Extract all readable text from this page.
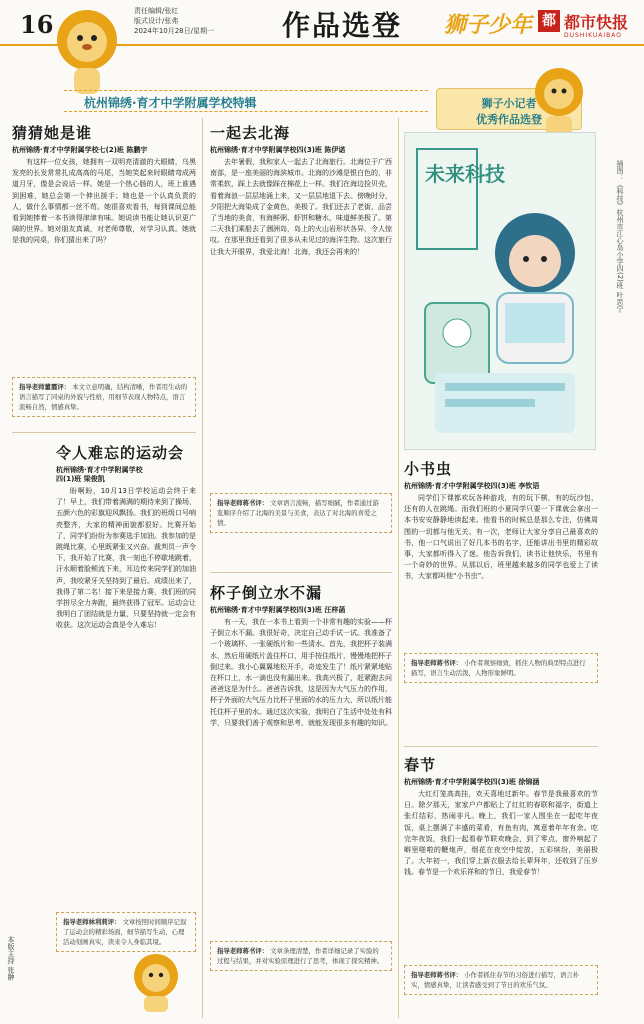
16	责任编辑/张红
版式设计/张弗
2024年10月28日/星期一 作品选登 狮子少年 都 都市快报
DUSHIKUAIBAO
杭州锦绣·育才中学附属学校特辑	狮子小记者
优秀作品选登
猜猜她是谁
杭州锦绣·育才中学附属学校七(2)班 陈鹏宇
有这样一位女孩，她拥有一双明亮清澈的大眼睛，乌黑发亮的长发常常扎成高高的马尾，当她笑起来时眼睛弯成两道月牙，像是会说话一样。她是一个热心肠的人，班上谁遇到困难，她总会第一个伸出援手；她也是一个认真负责的人，做什么事情都一丝不苟。她很喜欢看书，每到课间总能看到她捧着一本书读得津津有味。她说读书能让她认识更广阔的世界。她对朋友真诚，对老师尊敬，对学习认真。她就是我的同桌，你们猜出来了吗？
指导老师董霞评： 本文立意明确，结构清晰，作者用生动的语言描写了同桌的外貌与性格，用细节表现人物特点，语言流畅自然，情感真挚。
令人难忘的运动会
杭州锦绣·育才中学附属学校
四(1)班 梁俊凯
盼啊盼，10月13日学校运动会终于来了！早上，我们带着满满的期待来到了操场，五颜六色的彩旗迎风飘扬。我们的班级口号响亮整齐，大家的精神面貌都很好。比赛开始了，同学们纷纷为参赛选手加油。我参加的是跳绳比赛，心里既紧张又兴奋。裁判员一声令下，我开始了比赛，我一刻也不停歇地跳着，汗水顺着脸颊流下来，耳边传来同学们的加油声，我咬紧牙关坚持到了最后。成绩出来了，我得了第二名！接下来是接力赛，我们班的同学拼尽全力奔跑，最终获得了冠军。运动会让我明白了团结就是力量，只要坚持就一定会有收获。这次运动会真是令人难忘！
指导老师林利莉评： 文章按照时间顺序记叙了运动会的精彩场面，细节描写生动，心理活动刻画真实，读来令人身临其境。
本版主持 张翀
一起去北海
杭州锦绣·育才中学附属学校四(3)班 陈伊诺
去年暑假，我和家人一起去了北海旅行。北海位于广西南部，是一座美丽的海滨城市。北海的沙滩是银白色的，非常柔软，踩上去就像踩在棉花上一样。我们在海边捡贝壳，看着海浪一层层地涌上来，又一层层地退下去。傍晚时分，夕阳把大海染成了金黄色，美极了。我们还去了老街，品尝了当地的美食，有海鲜粥、虾饼和糖水，味道鲜美极了。第二天我们乘船去了涠洲岛，岛上的火山岩形状各异，令人惊叹。在那里我还看到了很多从未见过的海洋生物。这次旅行让我大开眼界，我爱北海！北海，我还会再来的！
指导老师蒋书评： 文章语言流畅，描写细腻，作者通过游览顺序介绍了北海的美景与美食，表达了对北海的喜爱之情。
杯子倒立水不漏
杭州锦绣·育才中学附属学校四(3)班 汪梓菡
有一天，我在一本书上看到一个非常有趣的实验——杯子倒立水不漏。我很好奇，决定自己动手试一试。我准备了一个玻璃杯、一张硬纸片和一些清水。首先，我把杯子装满水，然后用硬纸片盖住杯口，用手按住纸片，慢慢地把杯子倒过来。我小心翼翼地松开手，奇迹发生了！纸片紧紧地贴在杯口上，水一滴也没有漏出来。我高兴极了，赶紧跑去问爸爸这是为什么。爸爸告诉我，这是因为大气压力的作用，杯子外面的大气压力比杯子里面的水的压力大，所以纸片能托住杯子里的水。通过这次实验，我明白了生活中处处有科学，只要我们善于观察和思考，就能发现很多有趣的知识。
指导老师蒋书评： 文章条理清楚，作者详细记录了实验的过程与结果，并对实验原理进行了思考，体现了探究精神。
未来科技	插图：《科技》杭州市江心岛小学四(2)班 叶思宁
小书虫
杭州锦绣·育才中学附属学校四(3)班 李钦语
同学们下课都欢玩各种游戏，有的玩下棋，有的玩沙包，还有的人在跳绳。而我们班的小夏同学只要一下课就会拿出一本书安安静静地读起来。他看书的时候总是那么专注，仿佛周围的一切都与他无关。有一次，老师让大家分享自己最喜欢的书，他一口气说出了好几本书的名字，还能讲出书里的精彩故事，大家都听得入了迷。他告诉我们，读书让他快乐，书里有一个奇妙的世界。从那以后，班里越来越多的同学也爱上了读书，大家都叫他“小书虫”。
指导老师蒋书评： 小作者观察细致，抓住人物的典型特点进行描写，语言生动活泼，人物形象鲜明。
春节
杭州锦绣·育才中学附属学校四(3)班 徐锦涵
大红灯笼高高挂，欢天喜地过新年。春节是我最喜欢的节日。除夕那天，家家户户都贴上了红红的春联和福字，街道上张灯结彩，热闹非凡。晚上，我们一家人围坐在一起吃年夜饭，桌上摆满了丰盛的菜肴，有鱼有肉，寓意着年年有余。吃完年夜饭，我们一起看春节联欢晚会，到了零点，窗外响起了噼里啪啦的鞭炮声，烟花在夜空中绽放，五彩缤纷，美丽极了。大年初一，我们穿上新衣服去给长辈拜年，还收到了压岁钱。春节是一个欢乐祥和的节日，我爱春节！
指导老师蒋书评： 小作者抓住春节的习俗进行描写，语言朴实，情感真挚，让读者感受到了节日的欢乐气氛。
